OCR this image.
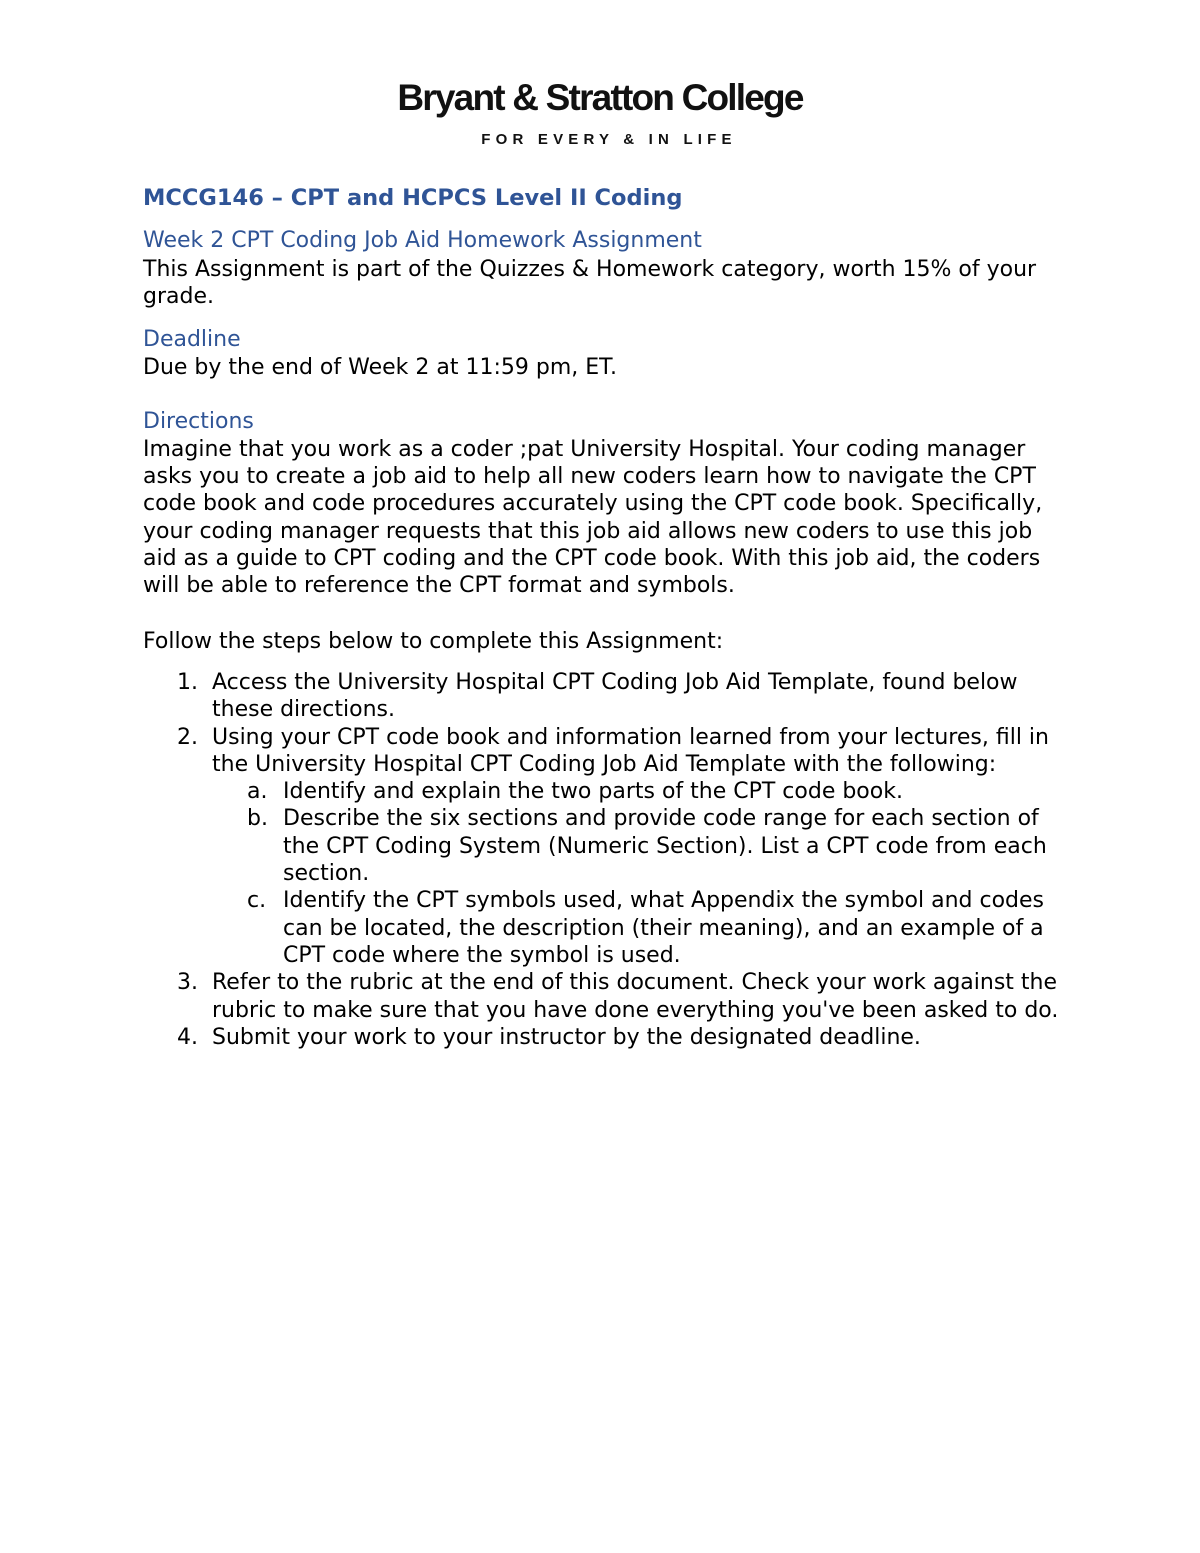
Bryant & Stratton College
FOR EVERY & IN LIFE
MCCG146 – CPT and HCPCS Level II Coding
Week 2 CPT Coding Job Aid Homework Assignment

This Assignment is part of the Quizzes & Homework category, worth 15% of your grade.

Deadline

Due by the end of Week 2 at 11:59 pm, ET.

Directions

Imagine that you work as a coder ;pat University Hospital. Your coding manager asks you to create a job aid to help all new coders learn how to navigate the CPT code book and code procedures accurately using the CPT code book. Specifically, your coding manager requests that this job aid allows new coders to use this job aid as a guide to CPT coding and the CPT code book. With this job aid, the coders will be able to reference the CPT format and symbols.

Follow the steps below to complete this Assignment:

1. Access the University Hospital CPT Coding Job Aid Template, found below these directions.
2. Using your CPT code book and information learned from your lectures, fill in the University Hospital CPT Coding Job Aid Template with the following:
a. Identify and explain the two parts of the CPT code book.
b. Describe the six sections and provide code range for each section of the CPT Coding System (Numeric Section). List a CPT code from each section.
c. Identify the CPT symbols used, what Appendix the symbol and codes can be located, the description (their meaning), and an example of a CPT code where the symbol is used.
3. Refer to the rubric at the end of this document. Check your work against the rubric to make sure that you have done everything you've been asked to do.
4. Submit your work to your instructor by the designated deadline.
